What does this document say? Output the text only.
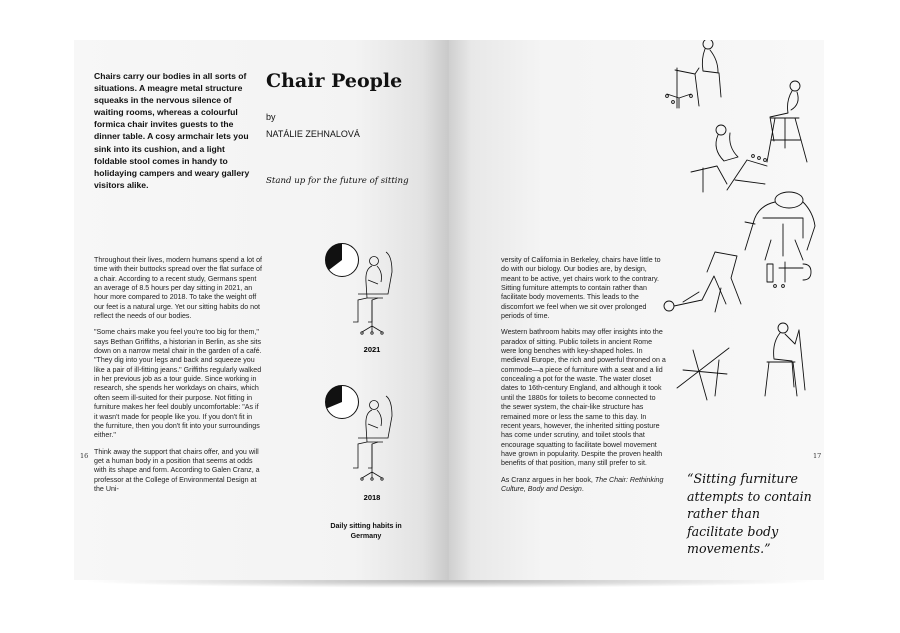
Chairs carry our bodies in all sorts of situations. A meagre metal structure squeaks in the nervous silence of waiting rooms, whereas a colourful formica chair invites guests to the dinner table. A cosy armchair lets you sink into its cushion, and a light foldable stool comes in handy to holidaying campers and weary gallery visitors alike.

Chair People
by
NATÁLIE ZEHNALOVÁ
Stand up for the future of sitting

Throughout their lives, modern humans spend a lot of time with their buttocks spread over the flat surface of a chair. According to a recent study, Germans spent an average of 8.5 hours per day sitting in 2021, an hour more compared to 2018. To take the weight off our feet is a natural urge. Yet our sitting habits do not reflect the needs of our bodies.

"Some chairs make you feel you're too big for them," says Bethan Griffiths, a historian in Berlin, as she sits down on a narrow metal chair in the garden of a café. "They dig into your legs and back and squeeze you like a pair of ill-fitting jeans." Griffiths regularly walked in her previous job as a tour guide. Since working in research, she spends her workdays on chairs, which often seem ill-suited for their purpose. Not fitting in furniture makes her feel doubly uncomfortable: "As if it wasn't made for people like you. If you don't fit in the furniture, then you don't fit into your surroundings either."

Think away the support that chairs offer, and you will get a human body in a position that seems at odds with its shape and form. According to Galen Cranz, a professor at the College of Environmental Design at the Uni-

16
8.5h/d
2021
7.5h/d
2018
Daily sitting habits in Germany

versity of California in Berkeley, chairs have little to do with our biology. Our bodies are, by design, meant to be active, yet chairs work to the contrary. Sitting furniture attempts to contain rather than facilitate body movements. This leads to the discomfort we feel when we sit over prolonged periods of time.

Western bathroom habits may offer insights into the paradox of sitting. Public toilets in ancient Rome were long benches with key-shaped holes. In medieval Europe, the rich and powerful throned on a commode—a piece of furniture with a seat and a lid concealing a pot for the waste. The water closet dates to 16th-century England, and although it took until the 1880s for toilets to become connected to the sewer system, the chair-like structure has remained more or less the same to this day. In recent years, however, the inherited sitting posture has come under scrutiny, and toilet stools that encourage squatting to facilitate bowel movement have grown in popularity. Despite the proven health benefits of that position, many still prefer to sit.

As Cranz argues in her book, The Chair: Rethinking Culture, Body and Design.

17
“Sitting furniture attempts to contain rather than facilitate body movements.”
